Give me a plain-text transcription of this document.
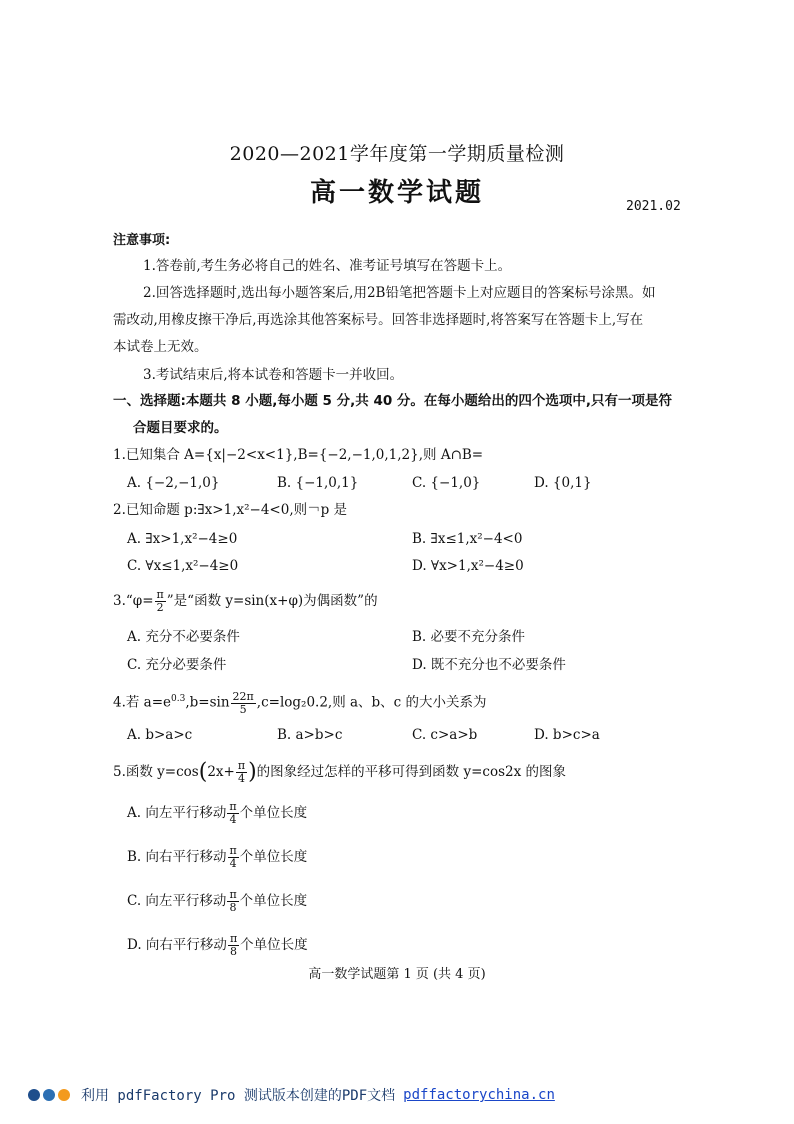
2020—2021学年度第一学期质量检测
高一数学试题	2021.02
注意事项:
1.答卷前,考生务必将自己的姓名、准考证号填写在答题卡上。
2.回答选择题时,选出每小题答案后,用2B铅笔把答题卡上对应题目的答案标号涂黑。如
需改动,用橡皮擦干净后,再选涂其他答案标号。回答非选择题时,将答案写在答题卡上,写在
本试卷上无效。
3.考试结束后,将本试卷和答题卡一并收回。
一、选择题:本题共 8 小题,每小题 5 分,共 40 分。在每小题给出的四个选项中,只有一项是符
合题目要求的。
1.已知集合 A={x|−2<x<1},B={−2,−1,0,1,2},则 A∩B=
A. {−2,−1,0}	B. {−1,0,1}	C. {−1,0}	D. {0,1}
2.已知命题 p:∃x>1,x²−4<0,则￢p 是
A. ∃x>1,x²−4≥0	B. ∃x≤1,x²−4<0
C. ∀x≤1,x²−4≥0	D. ∀x>1,x²−4≥0
3.“φ= $\frac{\pi}{2}$ ”是“函数 y=sin(x+φ)为偶函数”的
A. 充分不必要条件	B. 必要不充分条件
C. 充分必要条件	D. 既不充分也不必要条件
4.若 $a=e^{0.3},b=\sin \frac{22\pi}{5} ,c=\log_20.2$,则 a、b、c 的大小关系为
A. b>a>c	B. a>b>c	C. c>a>b	D. b>c>a
5.函数 $y=\cos(2x+ \frac{\pi}{4}$ )的图象经过怎样的平移可得到函数 y=cos2x 的图象
A. 向左平行移动 $\frac{\pi}{4}$ 个单位长度
B. 向右平行移动 $\frac{\pi}{4}$ 个单位长度
C. 向左平行移动 $\frac{\pi}{8}$ 个单位长度
D. 向右平行移动 $\frac{\pi}{8}$ 个单位长度
高一数学试题第 1 页 (共 4 页)
利用 pdfFactory Pro 测试版本创建的PDF文档 pdffactorychina.cn
